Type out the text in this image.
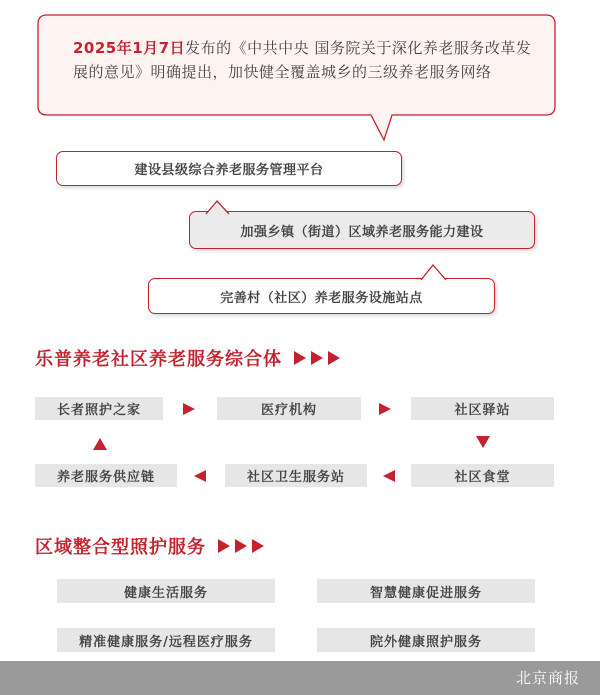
2025年1月7日发布的《中共中央 国务院关于深化养老服务改革发展的意见》明确提出，加快健全覆盖城乡的三级养老服务网络
建设县级综合养老服务管理平台
加强乡镇（街道）区域养老服务能力建设
完善村（社区）养老服务设施站点
乐普养老社区养老服务综合体
长者照护之家	医疗机构	社区驿站
养老服务供应链	社区卫生服务站	社区食堂
区域整合型照护服务
健康生活服务	智慧健康促进服务
精准健康服务/远程医疗服务	院外健康照护服务
北京商报
